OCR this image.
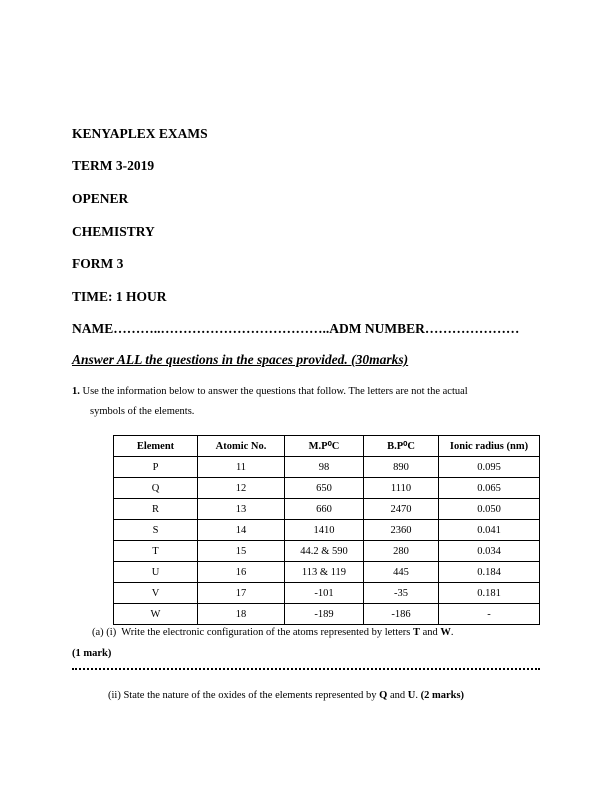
KENYAPLEX EXAMS
TERM 3-2019
OPENER
CHEMISTRY
FORM 3
TIME: 1 HOUR
NAME………..………………………………..ADM NUMBER…………………
Answer ALL the questions in the spaces provided. (30marks)
1. Use the information below to answer the questions that follow. The letters are not the actual
symbols of the elements.
Element	Atomic No.	M.P⁰C	B.P⁰C	Ionic radius (nm)
P	11	98	890	0.095
Q	12	650	1110	0.065
R	13	660	2470	0.050
S	14	1410	2360	0.041
T	15	44.2 & 590	280	0.034
U	16	113 & 119	445	0.184
V	17	-101	-35	0.181
W	18	-189	-186	-
(a) (i) Write the electronic configuration of the atoms represented by letters T and W.
(1 mark)
(ii) State the nature of the oxides of the elements represented by Q and U. (2 marks)
